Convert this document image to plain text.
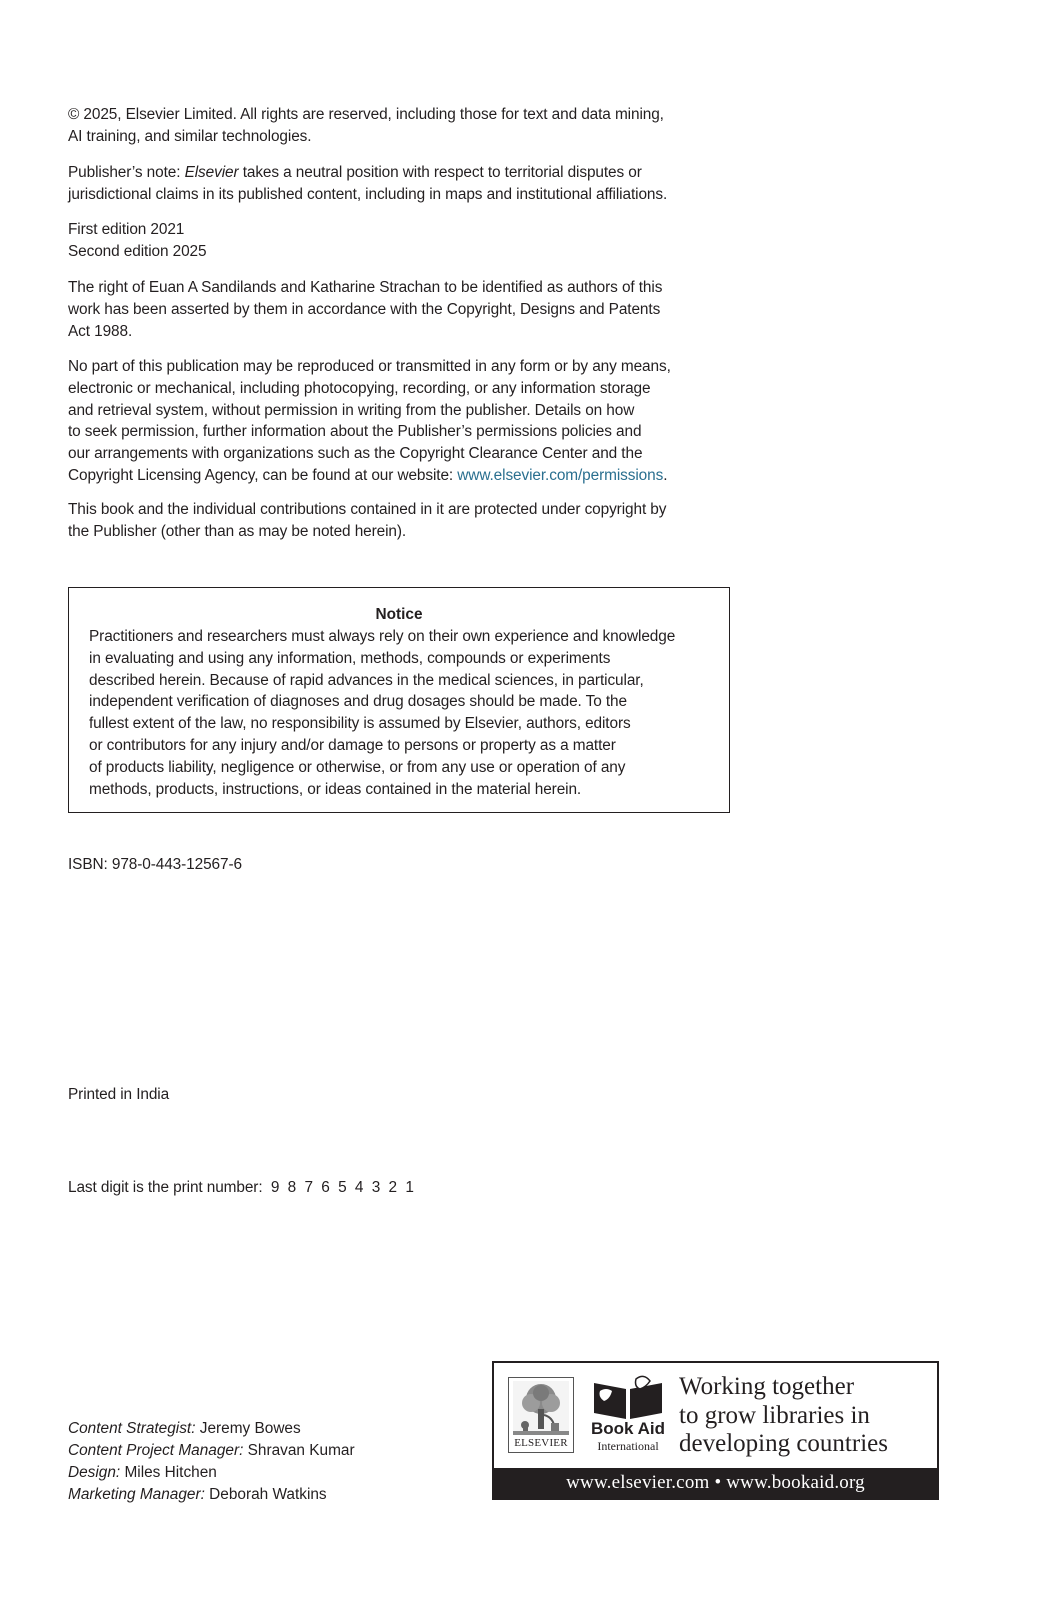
© 2025, Elsevier Limited. All rights are reserved, including those for text and data mining,
AI training, and similar technologies.

Publisher’s note: Elsevier takes a neutral position with respect to territorial disputes or
jurisdictional claims in its published content, including in maps and institutional affiliations.

First edition 2021
Second edition 2025

The right of Euan A Sandilands and Katharine Strachan to be identified as authors of this
work has been asserted by them in accordance with the Copyright, Designs and Patents
Act 1988.

No part of this publication may be reproduced or transmitted in any form or by any means,
electronic or mechanical, including photocopying, recording, or any information storage
and retrieval system, without permission in writing from the publisher. Details on how
to seek permission, further information about the Publisher’s permissions policies and
our arrangements with organizations such as the Copyright Clearance Center and the
Copyright Licensing Agency, can be found at our website: www.elsevier.com/permissions.

This book and the individual contributions contained in it are protected under copyright by
the Publisher (other than as may be noted herein).

Notice
Practitioners and researchers must always rely on their own experience and knowledge
in evaluating and using any information, methods, compounds or experiments
described herein. Because of rapid advances in the medical sciences, in particular,
independent verification of diagnoses and drug dosages should be made. To the
fullest extent of the law, no responsibility is assumed by Elsevier, authors, editors
or contributors for any injury and/or damage to persons or property as a matter
of products liability, negligence or otherwise, or from any use or operation of any
methods, products, instructions, or ideas contained in the material herein.

ISBN: 978-0-443-12567-6

Printed in India

Last digit is the print number:  9  8  7  6  5  4  3  2  1

Content Strategist: Jeremy Bowes
Content Project Manager: Shravan Kumar
Design: Miles Hitchen
Marketing Manager: Deborah Watkins
ELSEVIER
Book Aid
International
Working together
to grow libraries in
developing countries
www.elsevier.com • www.bookaid.org
